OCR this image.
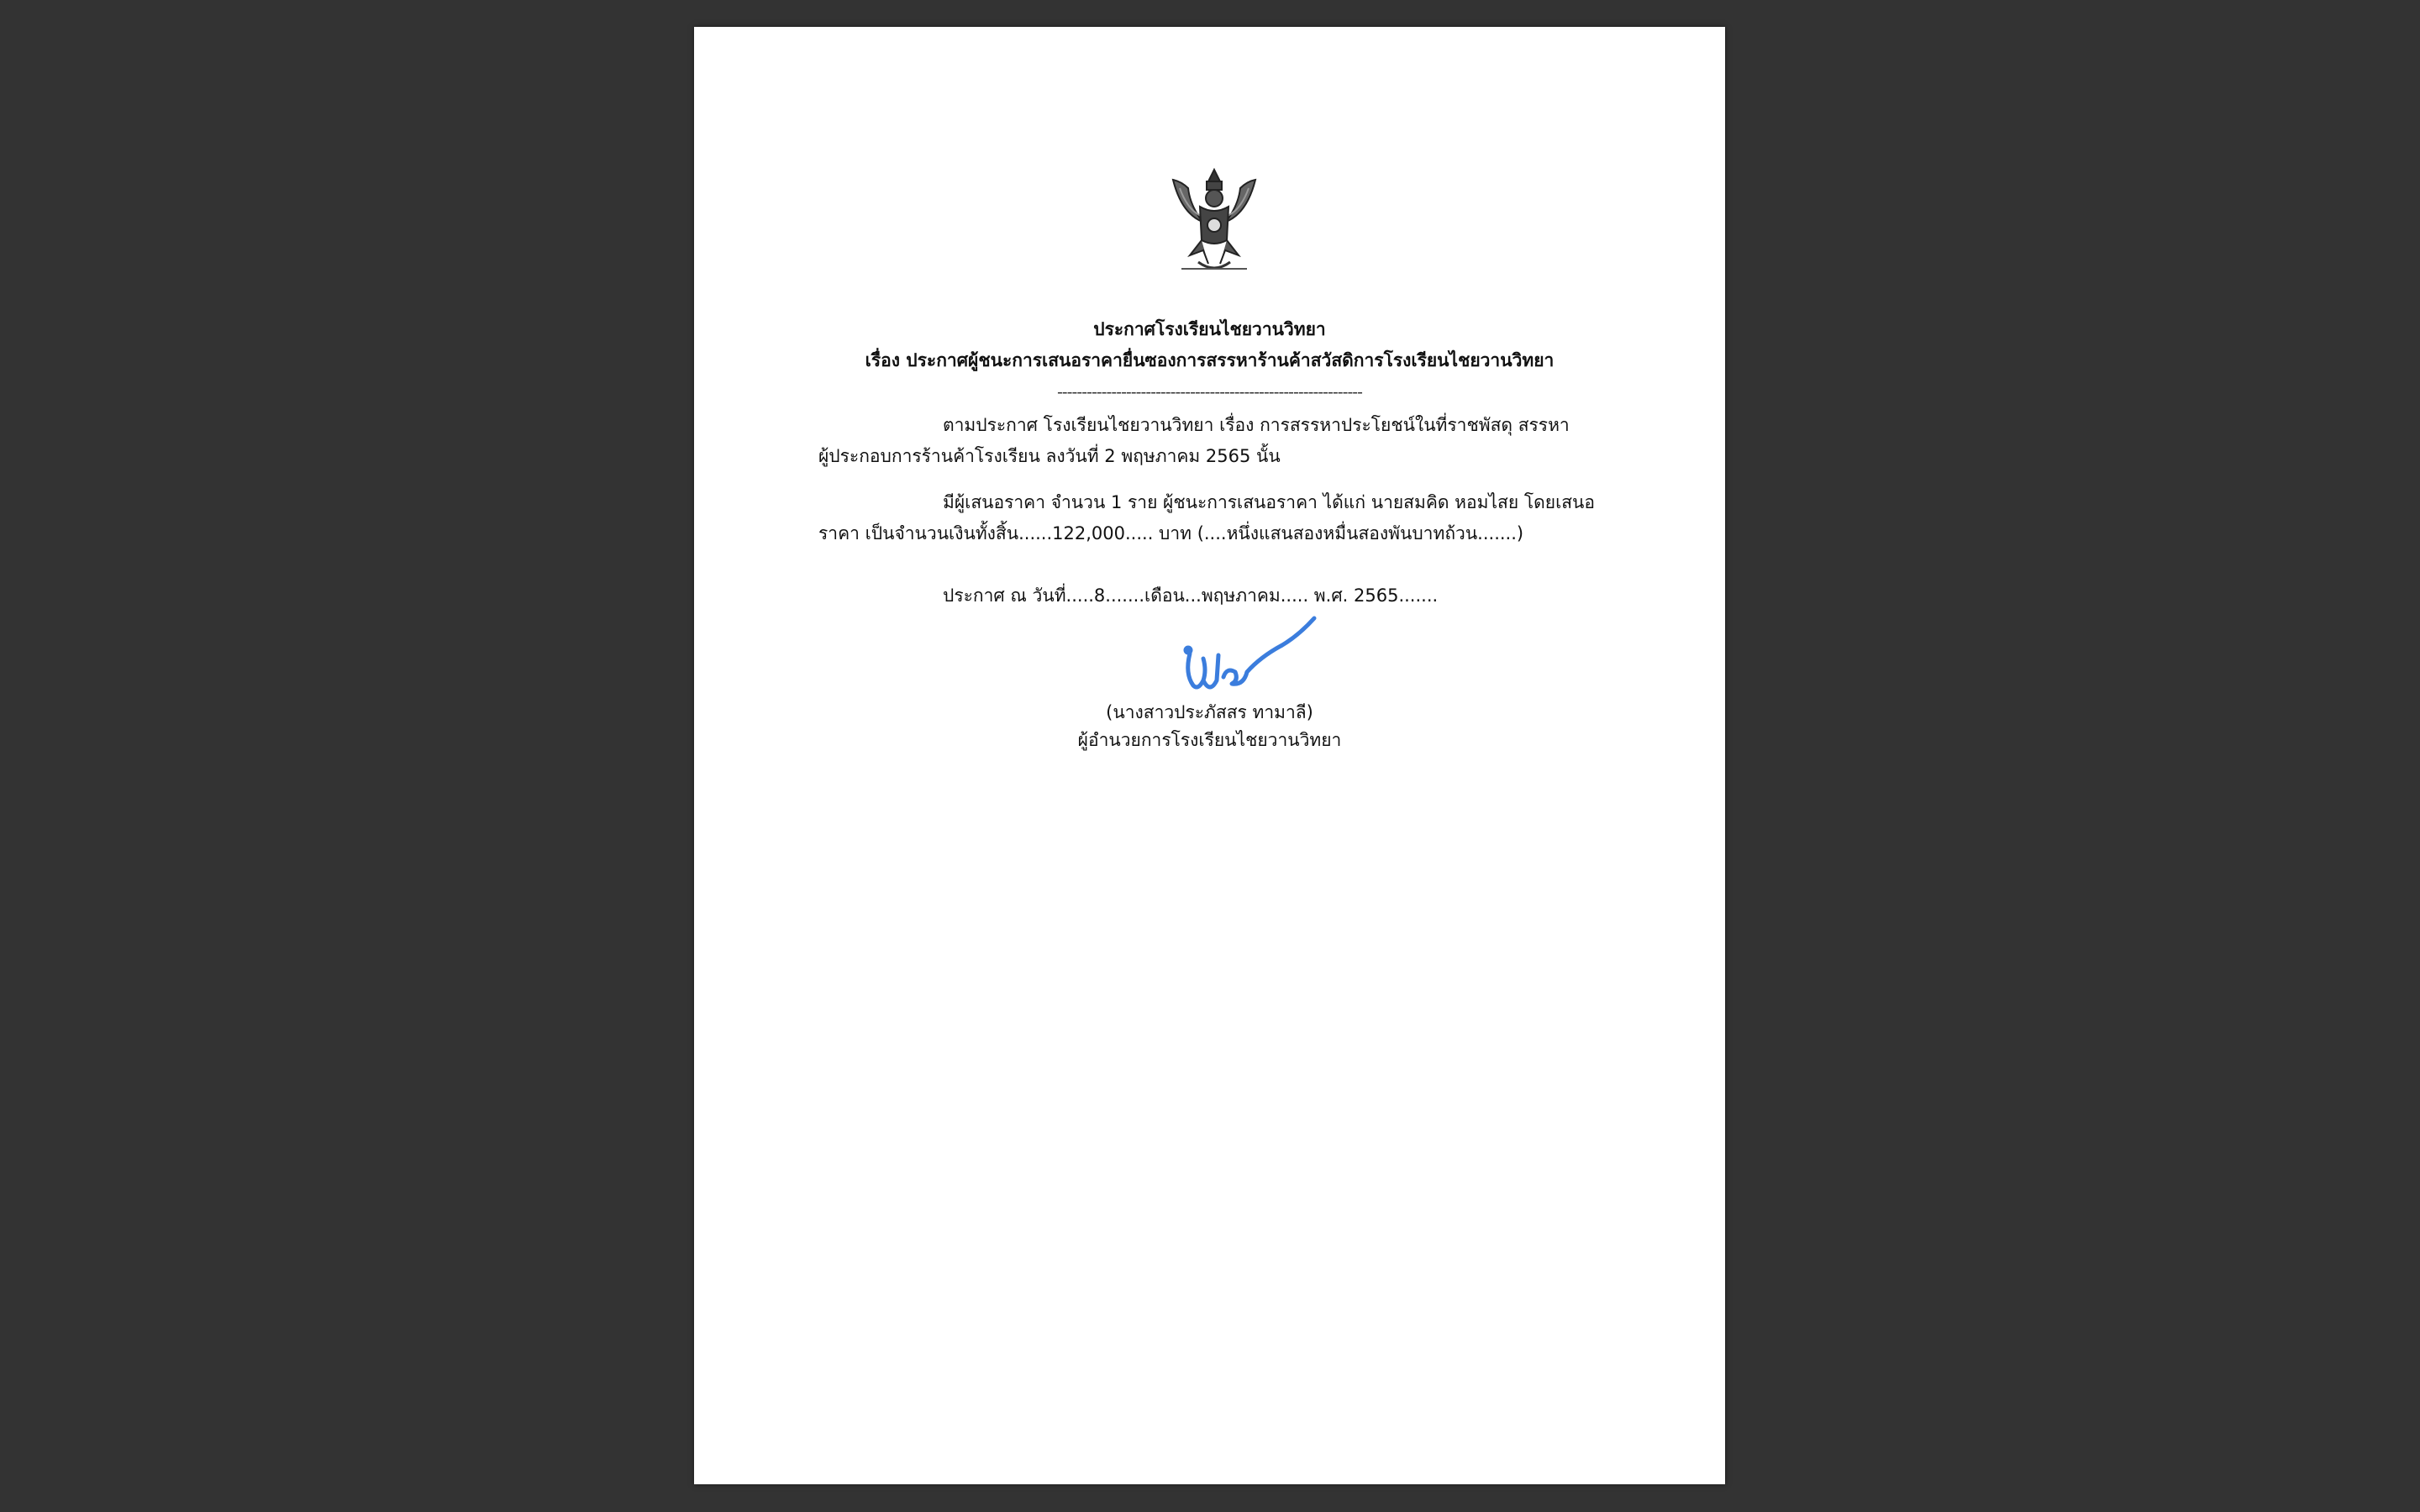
ประกาศโรงเรียนไชยวานวิทยา
เรื่อง ประกาศผู้ชนะการเสนอราคายื่นซองการสรรหาร้านค้าสวัสดิการโรงเรียนไชยวานวิทยา
--------------------------------------------------------------
ตามประกาศ โรงเรียนไชยวานวิทยา เรื่อง การสรรหาประโยชน์ในที่ราชพัสดุ สรรหา
ผู้ประกอบการร้านค้าโรงเรียน ลงวันที่ 2 พฤษภาคม 2565 นั้น
มีผู้เสนอราคา จำนวน 1 ราย ผู้ชนะการเสนอราคา ได้แก่ นายสมคิด หอมไสย โดยเสนอ
ราคา เป็นจำนวนเงินทั้งสิ้น......122,000..... บาท (....หนึ่งแสนสองหมื่นสองพันบาทถ้วน.......)
ประกาศ ณ วันที่.....8.......เดือน...พฤษภาคม..... พ.ศ. 2565.......
(นางสาวประภัสสร ทามาลี)
ผู้อำนวยการโรงเรียนไชยวานวิทยา
